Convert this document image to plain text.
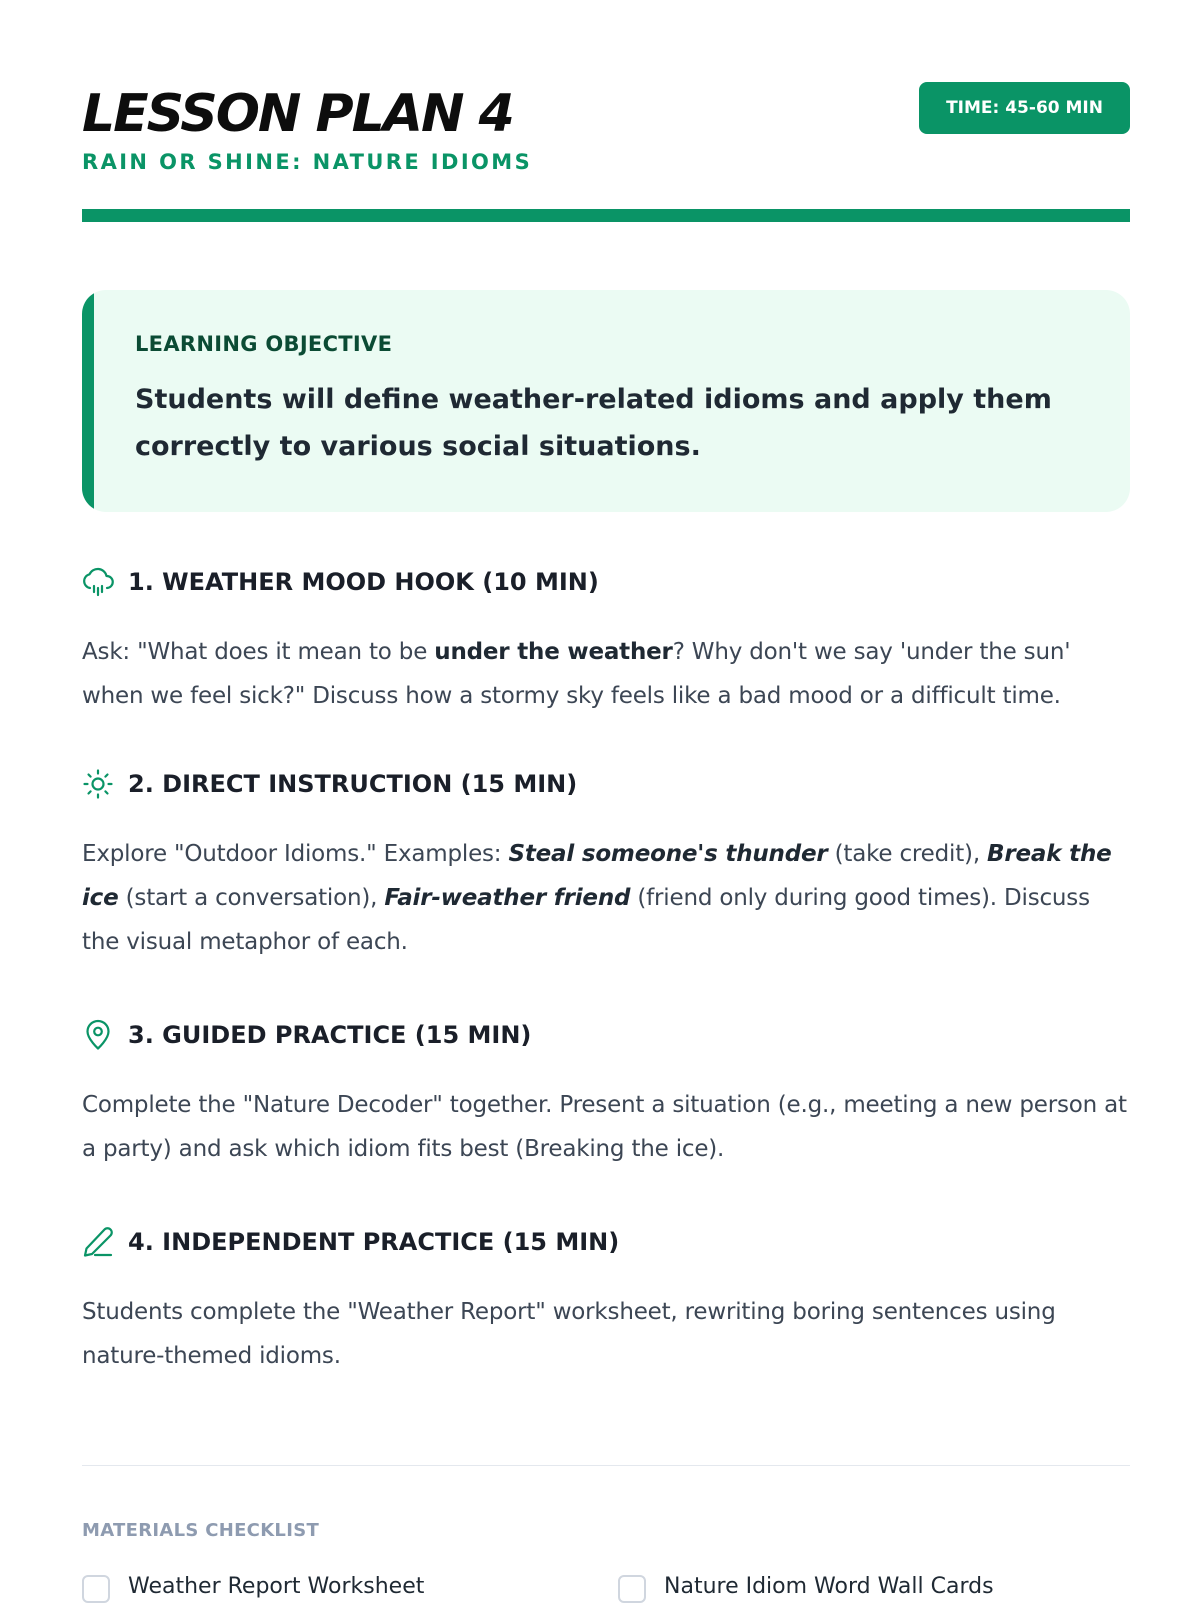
LESSON PLAN 4
RAIN OR SHINE: NATURE IDIOMS
TIME: 45-60 MIN
LEARNING OBJECTIVE
Students will define weather-related idioms and apply them correctly to various social situations.
1. WEATHER MOOD HOOK (10 MIN)
Ask: "What does it mean to be under the weather? Why don't we say 'under the sun' when we feel sick?" Discuss how a stormy sky feels like a bad mood or a difficult time.
2. DIRECT INSTRUCTION (15 MIN)
Explore "Outdoor Idioms." Examples: Steal someone's thunder (take credit), Break the ice (start a conversation), Fair-weather friend (friend only during good times). Discuss the visual metaphor of each.
3. GUIDED PRACTICE (15 MIN)
Complete the "Nature Decoder" together. Present a situation (e.g., meeting a new person at a party) and ask which idiom fits best (Breaking the ice).
4. INDEPENDENT PRACTICE (15 MIN)
Students complete the "Weather Report" worksheet, rewriting boring sentences using nature-themed idioms.
MATERIALS CHECKLIST
Weather Report Worksheet	Nature Idiom Word Wall Cards
